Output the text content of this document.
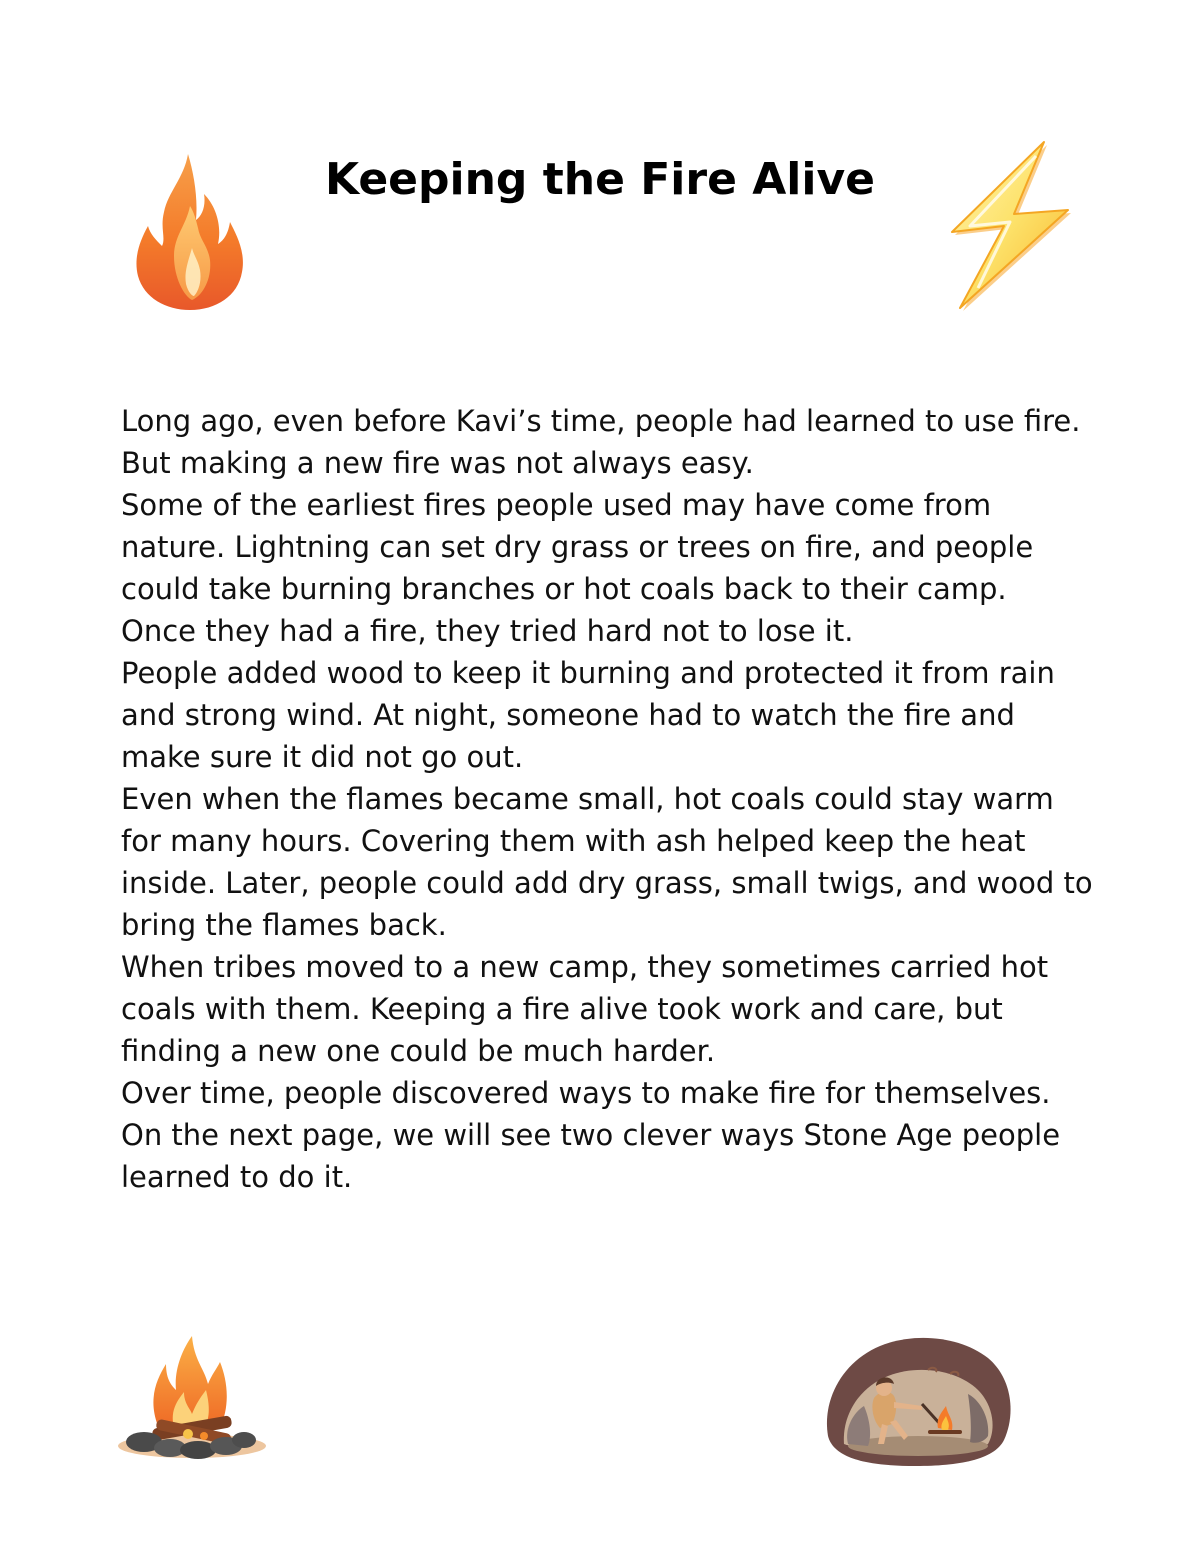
Keeping the Fire Alive

Long ago, even before Kavi’s time, people had learned to use fire. But making a new fire was not always easy.

Some of the earliest fires people used may have come from nature. Lightning can set dry grass or trees on fire, and people could take burning branches or hot coals back to their camp.

Once they had a fire, they tried hard not to lose it.

People added wood to keep it burning and protected it from rain and strong wind. At night, someone had to watch the fire and make sure it did not go out.

Even when the flames became small, hot coals could stay warm for many hours. Covering them with ash helped keep the heat inside. Later, people could add dry grass, small twigs, and wood to bring the flames back.

When tribes moved to a new camp, they sometimes carried hot coals with them. Keeping a fire alive took work and care, but finding a new one could be much harder.

Over time, people discovered ways to make fire for themselves.

On the next page, we will see two clever ways Stone Age people learned to do it.
